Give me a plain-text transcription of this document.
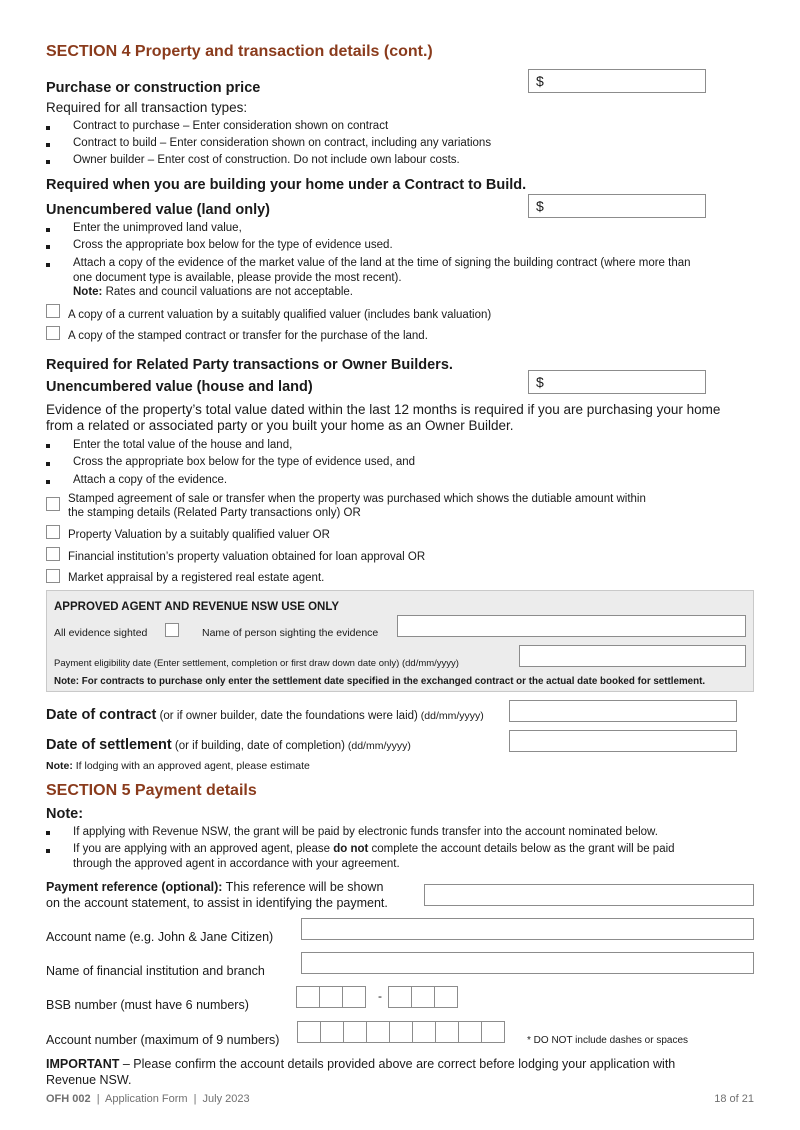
SECTION 4 Property and transaction details (cont.)
Purchase or construction price	$
Required for all transaction types:
Contract to purchase – Enter consideration shown on contract
Contract to build – Enter consideration shown on contract, including any variations
Owner builder – Enter cost of construction. Do not include own labour costs.
Required when you are building your home under a Contract to Build.
Unencumbered value (land only)	$
Enter the unimproved land value,
Cross the appropriate box below for the type of evidence used.
Attach a copy of the evidence of the market value of the land at the time of signing the building contract (where more than
one document type is available, please provide the most recent).
Note: Rates and council valuations are not acceptable.
A copy of a current valuation by a suitably qualified valuer (includes bank valuation)
A copy of the stamped contract or transfer for the purchase of the land.
Required for Related Party transactions or Owner Builders.
Unencumbered value (house and land)	$
Evidence of the property’s total value dated within the last 12 months is required if you are purchasing your home
from a related or associated party or you built your home as an Owner Builder.
Enter the total value of the house and land,
Cross the appropriate box below for the type of evidence used, and
Attach a copy of the evidence.
Stamped agreement of sale or transfer when the property was purchased which shows the dutiable amount within
the stamping details (Related Party transactions only) OR
Property Valuation by a suitably qualified valuer OR
Financial institution’s property valuation obtained for loan approval OR
Market appraisal by a registered real estate agent.
APPROVED AGENT AND REVENUE NSW USE ONLY
All evidence sighted	Name of person sighting the evidence
Payment eligibility date (Enter settlement, completion or first draw down date only) (dd/mm/yyyy)
Note: For contracts to purchase only enter the settlement date specified in the exchanged contract or the actual date booked for settlement.
Date of contract (or if owner builder, date the foundations were laid) (dd/mm/yyyy)
Date of settlement (or if building, date of completion) (dd/mm/yyyy)
Note: If lodging with an approved agent, please estimate
SECTION 5 Payment details
Note:
If applying with Revenue NSW, the grant will be paid by electronic funds transfer into the account nominated below.
If you are applying with an approved agent, please do not complete the account details below as the grant will be paid
through the approved agent in accordance with your agreement.
Payment reference (optional): This reference will be shown
on the account statement, to assist in identifying the payment.
Account name (e.g. John & Jane Citizen)
Name of financial institution and branch
BSB number (must have 6 numbers)
-
Account number (maximum of 9 numbers)	* DO NOT include dashes or spaces
IMPORTANT – Please confirm the account details provided above are correct before lodging your application with
Revenue NSW.
OFH 002 | Application Form | July 2023	18 of 21
